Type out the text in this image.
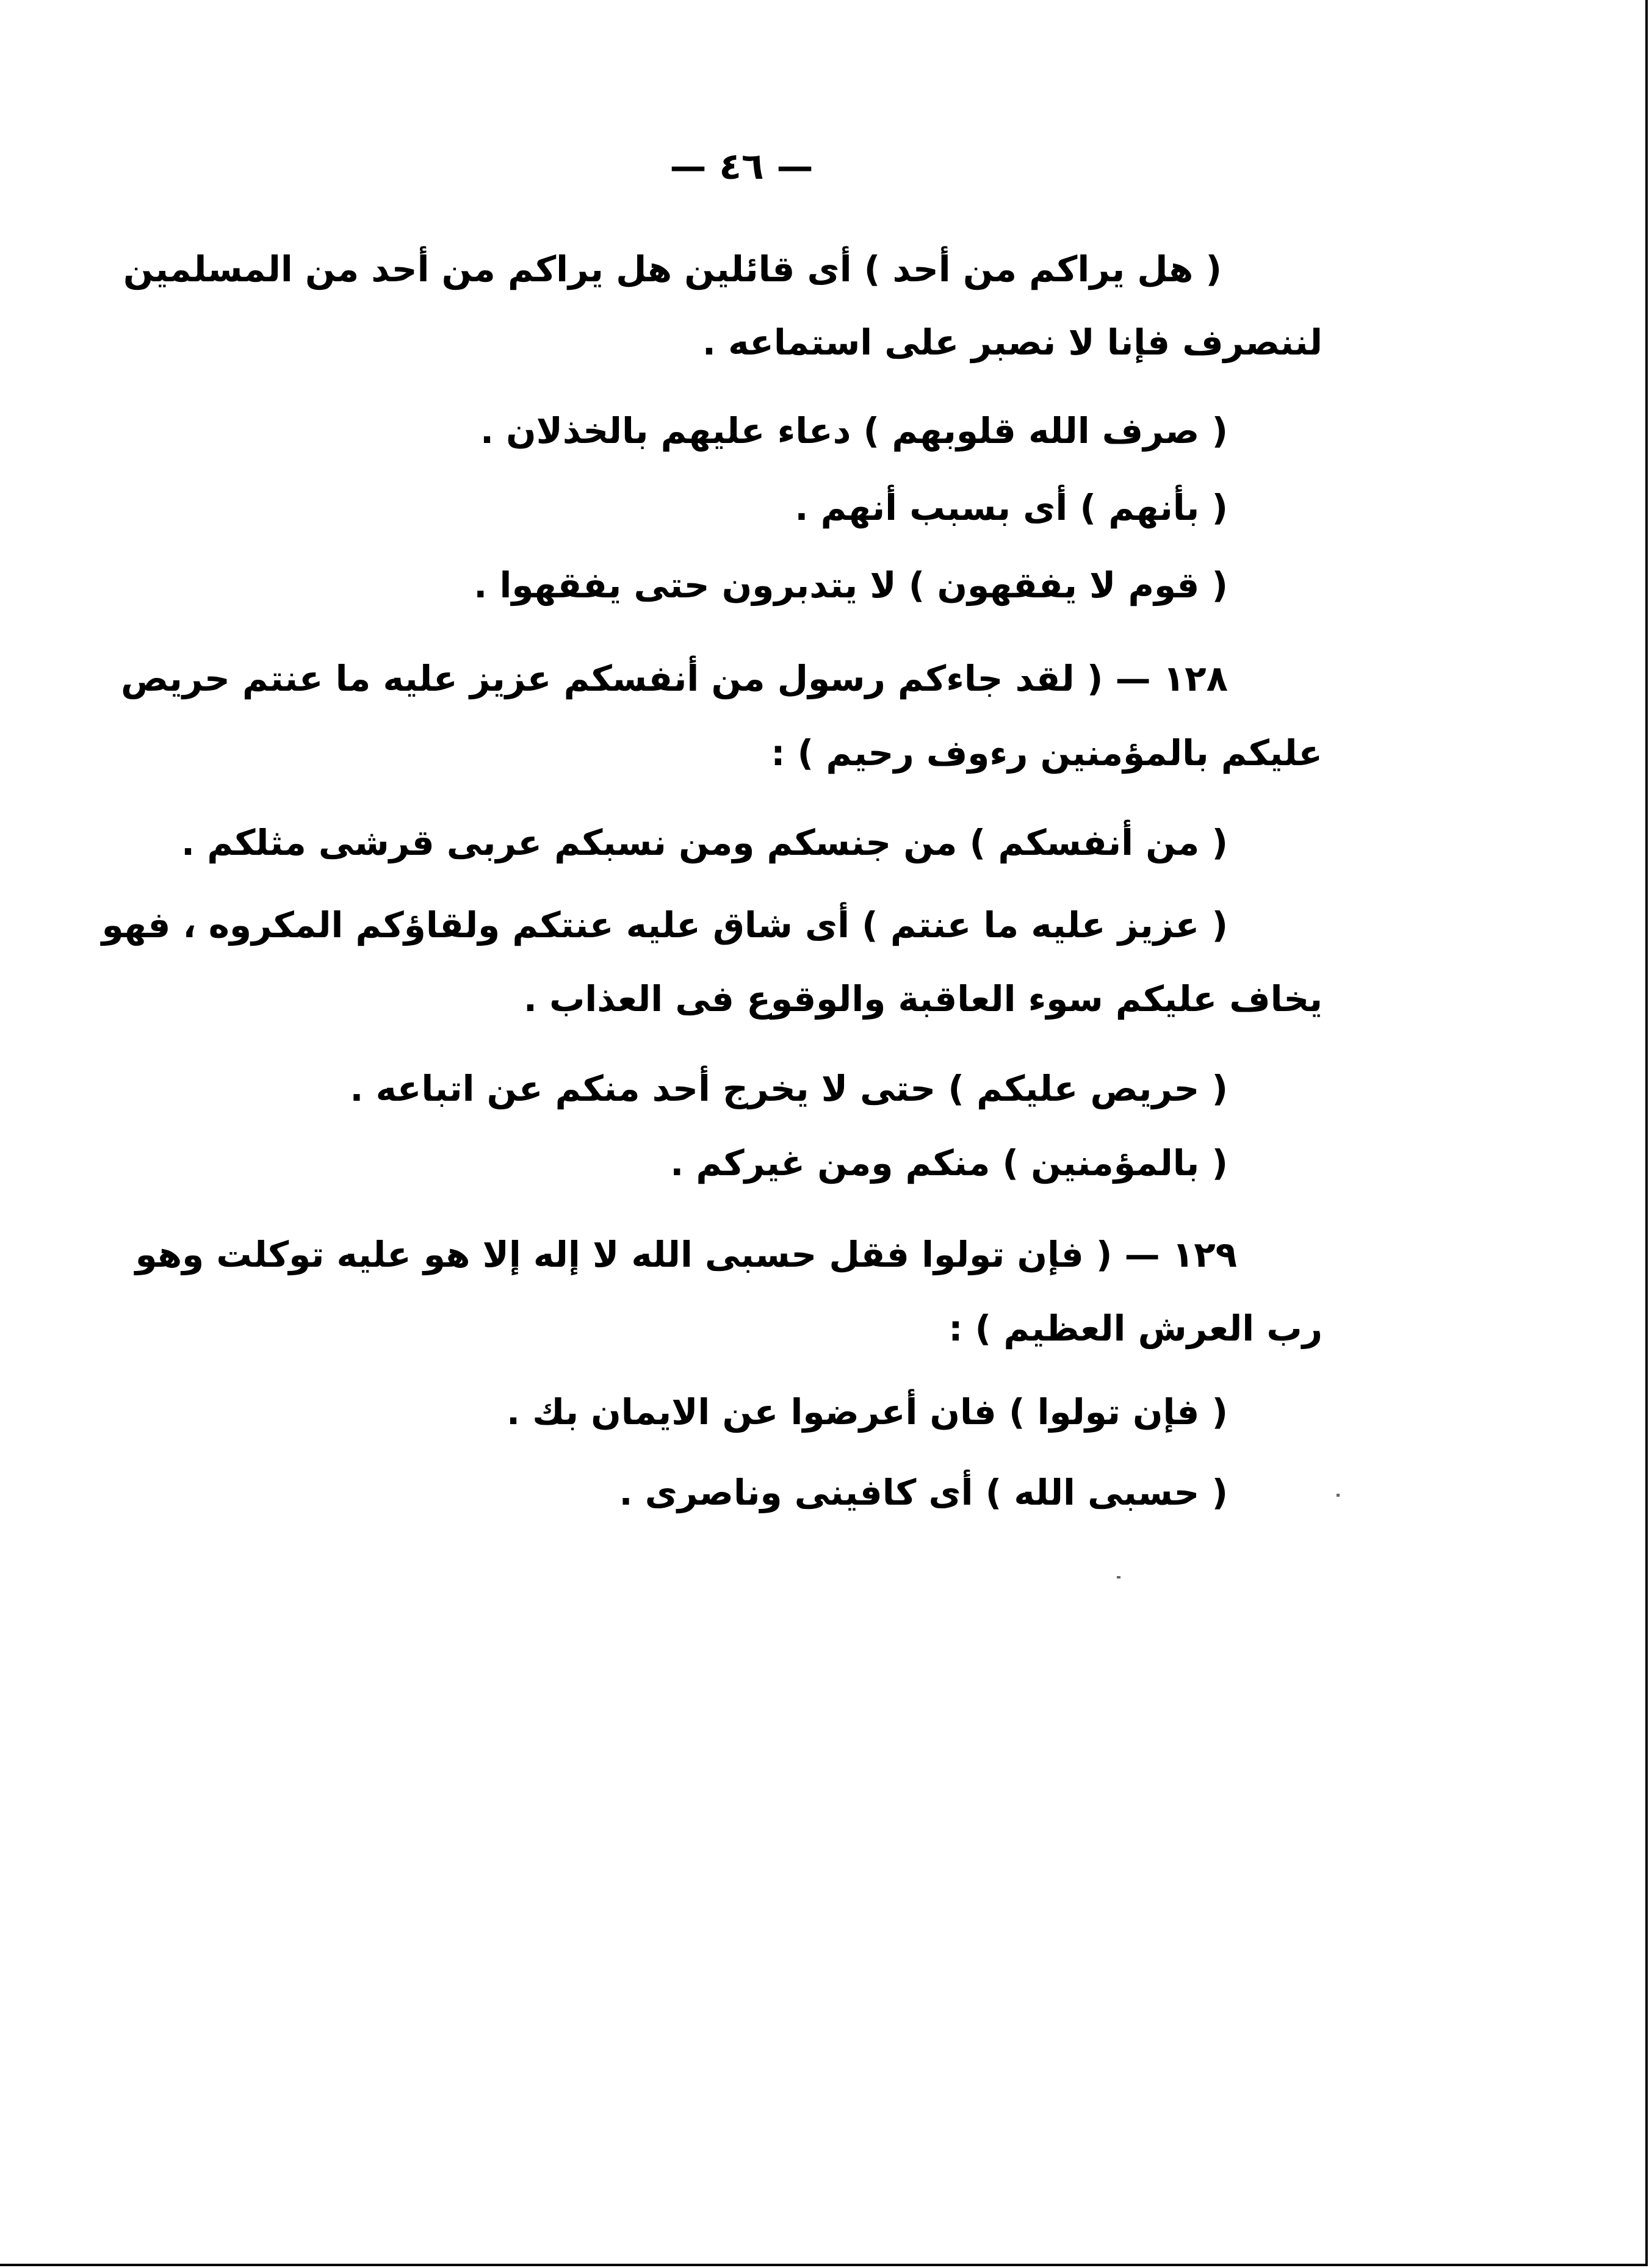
— ٤٦ —
( هل يراكم من أحد ) أى قائلين هل يراكم من أحد من المسلمين
لننصرف فإنا لا نصبر على استماعه .
( صرف الله قلوبهم ) دعاء عليهم بالخذلان .
( بأنهم ) أى بسبب أنهم .
( قوم لا يفقهون ) لا يتدبرون حتى يفقهوا .
١٢٨ — ( لقد جاءكم رسول من أنفسكم عزيز عليه ما عنتم حريص
عليكم بالمؤمنين رءوف رحيم ) :
( من أنفسكم ) من جنسكم ومن نسبكم عربى قرشى مثلكم .
( عزيز عليه ما عنتم ) أى شاق عليه عنتكم ولقاؤكم المكروه ، فهو
يخاف عليكم سوء العاقبة والوقوع فى العذاب .
( حريص عليكم ) حتى لا يخرج أحد منكم عن اتباعه .
( بالمؤمنين ) منكم ومن غيركم .
١٢٩ — ( فإن تولوا فقل حسبى الله لا إله إلا هو عليه توكلت وهو
رب العرش العظيم ) :
( فإن تولوا ) فان أعرضوا عن الايمان بك .
( حسبى الله ) أى كافينى وناصرى .
